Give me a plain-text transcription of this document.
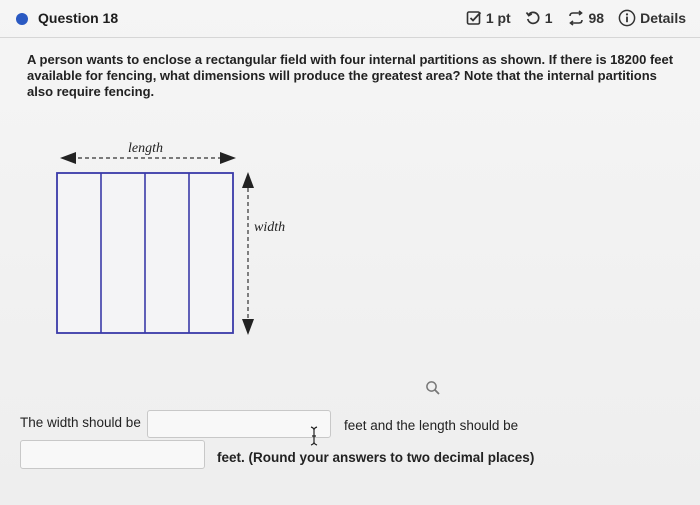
Question 18	1 pt 1	98	Details
A person wants to enclose a rectangular field with four internal partitions as shown. If there is 18200 feet available for fencing, what dimensions will produce the greatest area? Note that the internal partitions also require fencing.
length
width
The width should be	feet and the length should be
feet. (Round your answers to two decimal places)
